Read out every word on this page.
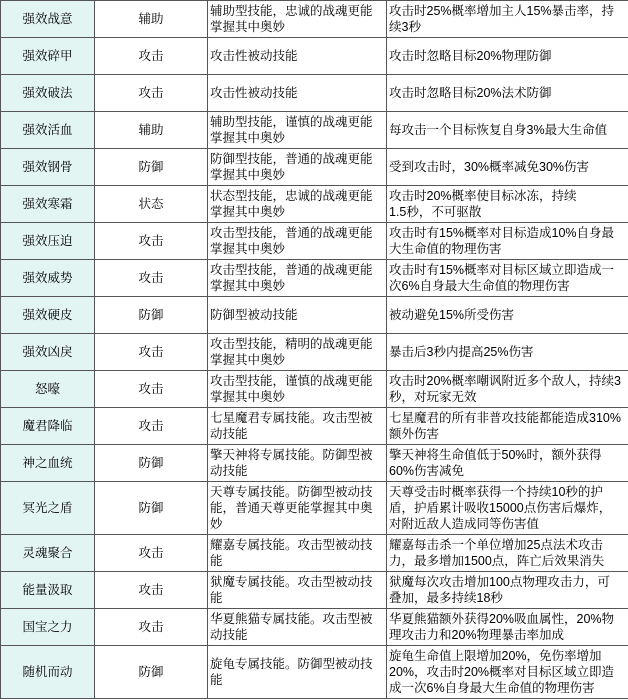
强效战意	辅助	辅助型技能，忠诚的战魂更能
掌握其中奥妙	攻击时25%概率增加主人15%暴击率，持
续3秒

强效碎甲	攻击	攻击性被动技能	攻击时忽略目标20%物理防御

强效破法	攻击	攻击性被动技能	攻击时忽略目标20%法术防御

强效活血	辅助	辅助型技能，谨慎的战魂更能
掌握其中奥妙	每攻击一个目标恢复自身3%最大生命值

强效钢骨	防御	防御型技能，普通的战魂更能
掌握其中奥妙	受到攻击时，30%概率减免30%伤害

强效寒霜	状态	状态型技能，忠诚的战魂更能
掌握其中奥妙	攻击时20%概率使目标冰冻，持续
1.5秒，不可驱散

强效压迫	攻击	攻击型技能，普通的战魂更能
掌握其中奥妙	攻击时有15%概率对目标造成10%自身最
大生命值的物理伤害

强效威势	攻击	攻击型技能，普通的战魂更能
掌握其中奥妙	攻击时有15%概率对目标区域立即造成一
次6%自身最大生命值的物理伤害

强效硬皮	防御	防御型被动技能	被动避免15%所受伤害

强效凶戾	攻击	攻击型技能，精明的战魂更能
掌握其中奥妙	暴击后3秒内提高25%伤害

怒嚎	攻击	攻击型技能，谨慎的战魂更能
掌握其中奥妙	攻击时20%概率嘲讽附近多个敌人，持续3
秒，对玩家无效

魔君降临	攻击	七星魔君专属技能。攻击型被
动技能	七星魔君的所有非普攻技能都能造成310%
额外伤害

神之血统	防御	擎天神将专属技能。防御型被
动技能	擎天神将生命值低于50%时，额外获得
60%伤害减免

冥光之盾	防御	天尊专属技能。防御型被动技
能，普通天尊更能掌握其中奥
妙	天尊受击时概率获得一个持续10秒的护
盾，护盾累计吸收15000点伤害后爆炸，
对附近敌人造成同等伤害值

灵魂聚合	攻击	耀嘉专属技能。攻击型被动技
能	耀嘉每击杀一个单位增加25点法术攻击
力，最多增加1500点，阵亡后效果消失

能量汲取	攻击	狱魔专属技能。攻击型被动技
能	狱魔每次攻击增加100点物理攻击力，可
叠加，最多持续18秒

国宝之力	攻击	华夏熊猫专属技能。攻击型被
动技能	华夏熊猫额外获得20%吸血属性，20%物
理攻击力和20%物理暴击率加成

随机而动	防御	旋龟专属技能。防御型被动技
能	旋龟生命值上限增加20%，免伤率增加
20%，攻击时20%概率对目标区域立即造
成一次6%自身最大生命值的物理伤害
